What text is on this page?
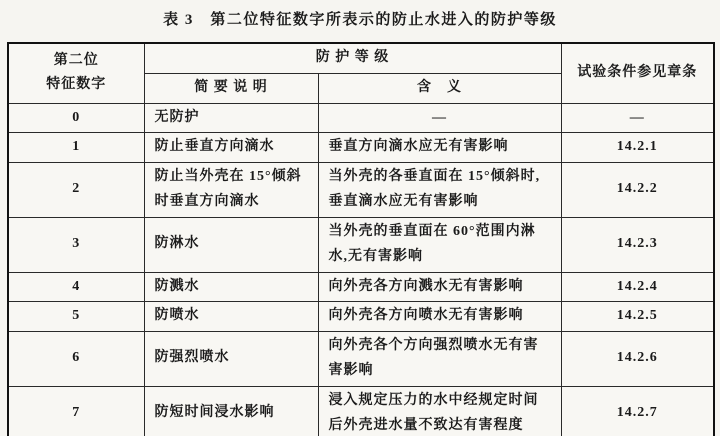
表 3　第二位特征数字所表示的防止水进入的防护等级
第二位
特征数字	防 护 等 级		试验条件参见章条
	简 要 说 明	含　义	
0	无防护	—	—
1	防止垂直方向滴水	垂直方向滴水应无有害影响	14.2.1
2	防止当外壳在 15°倾斜时垂直方向滴水	当外壳的各垂直面在 15°倾斜时,垂直滴水应无有害影响	14.2.2
3	防淋水	当外壳的垂直面在 60°范围内淋水,无有害影响	14.2.3
4	防溅水	向外壳各方向溅水无有害影响	14.2.4
5	防喷水	向外壳各方向喷水无有害影响	14.2.5
6	防强烈喷水	向外壳各个方向强烈喷水无有害害影响	14.2.6
7	防短时间浸水影响	浸入规定压力的水中经规定时间后外壳进水量不致达有害程度	14.2.7
